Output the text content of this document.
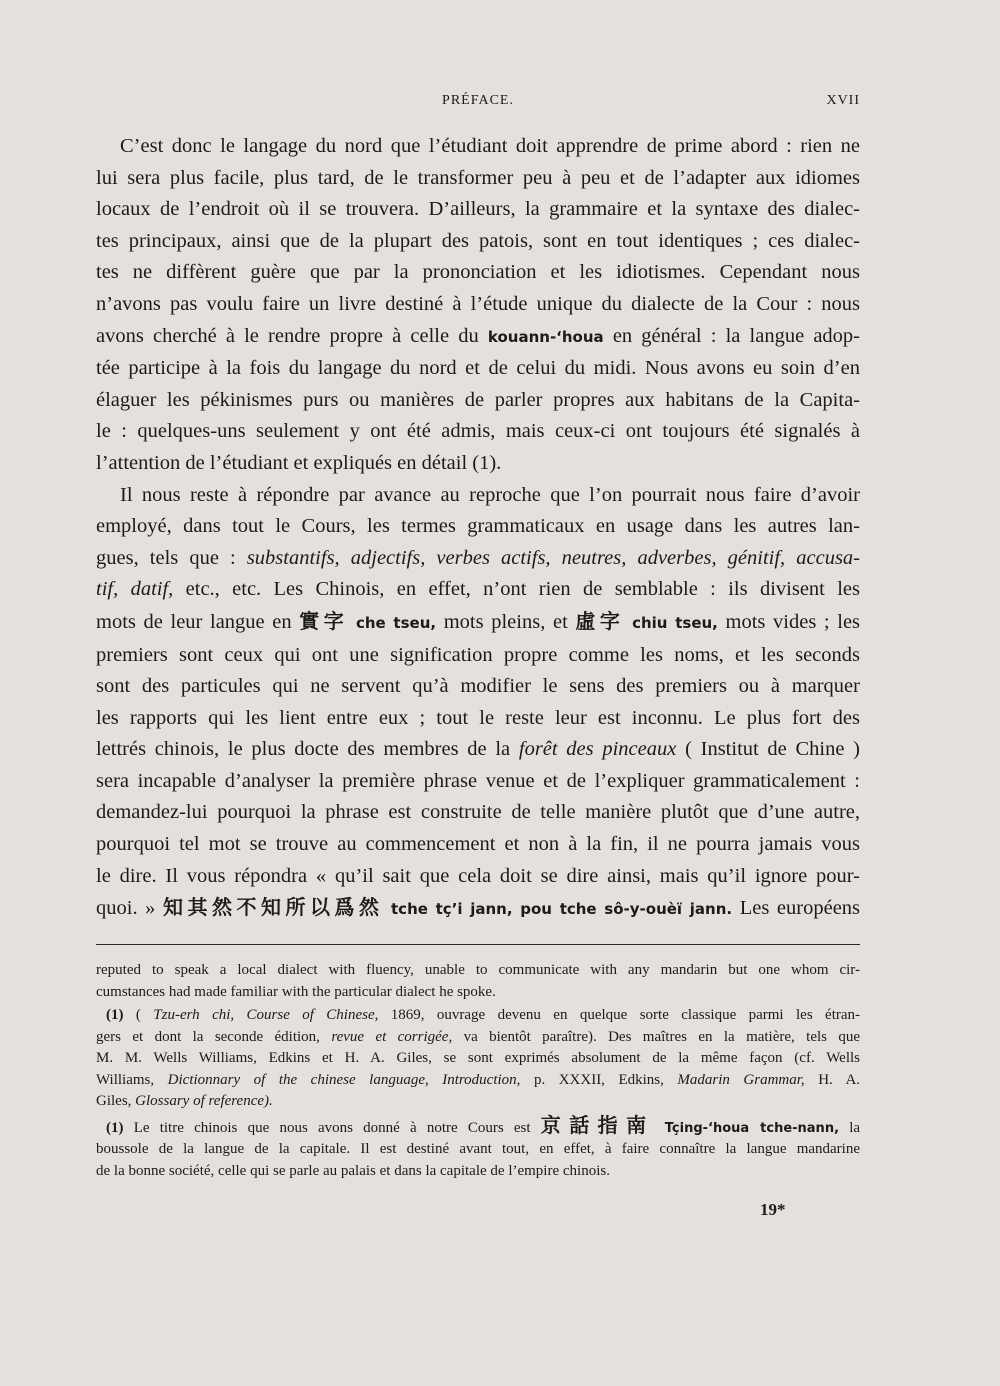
PRÉFACE.	XVII

C’est donc le langage du nord que l’étudiant doit apprendre de prime abord : rien ne
lui sera plus facile, plus tard, de le transformer peu à peu et de l’adapter aux idiomes
locaux de l’endroit où il se trouvera. D’ailleurs, la grammaire et la syntaxe des dialec-
tes principaux, ainsi que de la plupart des patois, sont en tout identiques ; ces dialec-
tes ne diffèrent guère que par la prononciation et les idiotismes. Cependant nous
n’avons pas voulu faire un livre destiné à l’étude unique du dialecte de la Cour : nous
avons cherché à le rendre propre à celle du kouann-‘houa en général : la langue adop-
tée participe à la fois du langage du nord et de celui du midi. Nous avons eu soin d’en
élaguer les pékinismes purs ou manières de parler propres aux habitans de la Capita-
le : quelques-uns seulement y ont été admis, mais ceux-ci ont toujours été signalés à
l’attention de l’étudiant et expliqués en détail (1).

Il nous reste à répondre par avance au reproche que l’on pourrait nous faire d’avoir
employé, dans tout le Cours, les termes grammaticaux en usage dans les autres lan-
gues, tels que : substantifs, adjectifs, verbes actifs, neutres, adverbes, génitif, accusa-
tif, datif, etc., etc. Les Chinois, en effet, n’ont rien de semblable : ils divisent les
mots de leur langue en 實字 che tseu, mots pleins, et 虛字 chiu tseu, mots vides ; les
premiers sont ceux qui ont une signification propre comme les noms, et les seconds
sont des particules qui ne servent qu’à modifier le sens des premiers ou à marquer
les rapports qui les lient entre eux ; tout le reste leur est inconnu. Le plus fort des
lettrés chinois, le plus docte des membres de la forêt des pinceaux ( Institut de Chine )
sera incapable d’analyser la première phrase venue et de l’expliquer grammaticalement :
demandez-lui pourquoi la phrase est construite de telle manière plutôt que d’une autre,
pourquoi tel mot se trouve au commencement et non à la fin, il ne pourra jamais vous
le dire. Il vous répondra « qu’il sait que cela doit se dire ainsi, mais qu’il ignore pour-
quoi. » 知其然不知所以爲然 tche tç’i jann, pou tche sô-y-ouèï jann. Les européens

reputed to speak a local dialect with fluency, unable to communicate with any mandarin but one whom cir-
cumstances had made familiar with the particular dialect he spoke.

(1) ( Tzu-erh chi, Course of Chinese, 1869, ouvrage devenu en quelque sorte classique parmi les étran-
gers et dont la seconde édition, revue et corrigée, va bientôt paraître). Des maîtres en la matière, tels que
M. M. Wells Williams, Edkins et H. A. Giles, se sont exprimés absolument de la même façon (cf. Wells
Williams, Dictionnary of the chinese language, Introduction, p. XXXII, Edkins, Madarin Grammar, H. A.
Giles, Glossary of reference).

(1) Le titre chinois que nous avons donné à notre Cours est 京話指南 Tçing-‘houa tche-nann, la
boussole de la langue de la capitale. Il est destiné avant tout, en effet, à faire connaître la langue mandarine
de la bonne société, celle qui se parle au palais et dans la capitale de l’empire chinois.

19*
